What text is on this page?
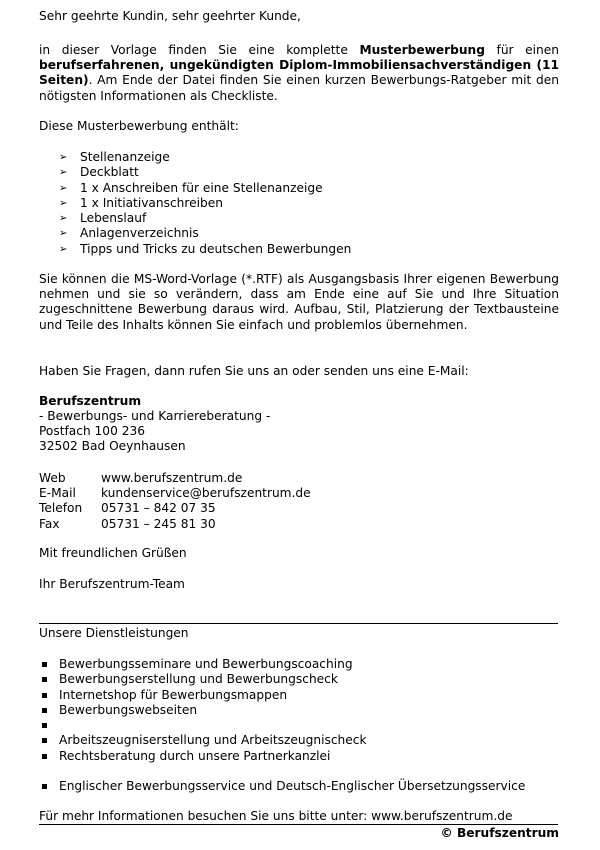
Sehr geehrte Kundin, sehr geehrter Kunde,
in dieser Vorlage finden Sie eine komplette Musterbewerbung für einen berufserfahrenen, ungekündigten Diplom-Immobiliensachverständigen (11 Seiten). Am Ende der Datei finden Sie einen kurzen Bewerbungs-Ratgeber mit den nötigsten Informationen als Checkliste.
Diese Musterbewerbung enthält:
➢ Stellenanzeige
➢ Deckblatt
➢ 1 x Anschreiben für eine Stellenanzeige
➢ 1 x Initiativanschreiben
➢ Lebenslauf
➢ Anlagenverzeichnis
➢ Tipps und Tricks zu deutschen Bewerbungen
Sie können die MS-Word-Vorlage (*.RTF) als Ausgangsbasis Ihrer eigenen Bewerbung nehmen und sie so verändern, dass am Ende eine auf Sie und Ihre Situation zugeschnittene Bewerbung daraus wird. Aufbau, Stil, Platzierung der Textbausteine und Teile des Inhalts können Sie einfach und problemlos übernehmen.
Haben Sie Fragen, dann rufen Sie uns an oder senden uns eine E-Mail:
Berufszentrum
- Bewerbungs- und Karriereberatung -
Postfach 100 236
32502 Bad Oeynhausen
Web	www.berufszentrum.de
E-Mail kundenservice@berufszentrum.de
Telefon 05731 – 842 07 35
Fax	05731 – 245 81 30
Mit freundlichen Grüßen
Ihr Berufszentrum-Team
Unsere Dienstleistungen
Bewerbungsseminare und Bewerbungscoaching
Bewerbungserstellung und Bewerbungscheck
Internetshop für Bewerbungsmappen
Bewerbungswebseiten
Arbeitszeugniserstellung und Arbeitszeugnischeck
Rechtsberatung durch unsere Partnerkanzlei
Englischer Bewerbungsservice und Deutsch-Englischer Übersetzungsservice
Für mehr Informationen besuchen Sie uns bitte unter: www.berufszentrum.de
© Berufszentrum
